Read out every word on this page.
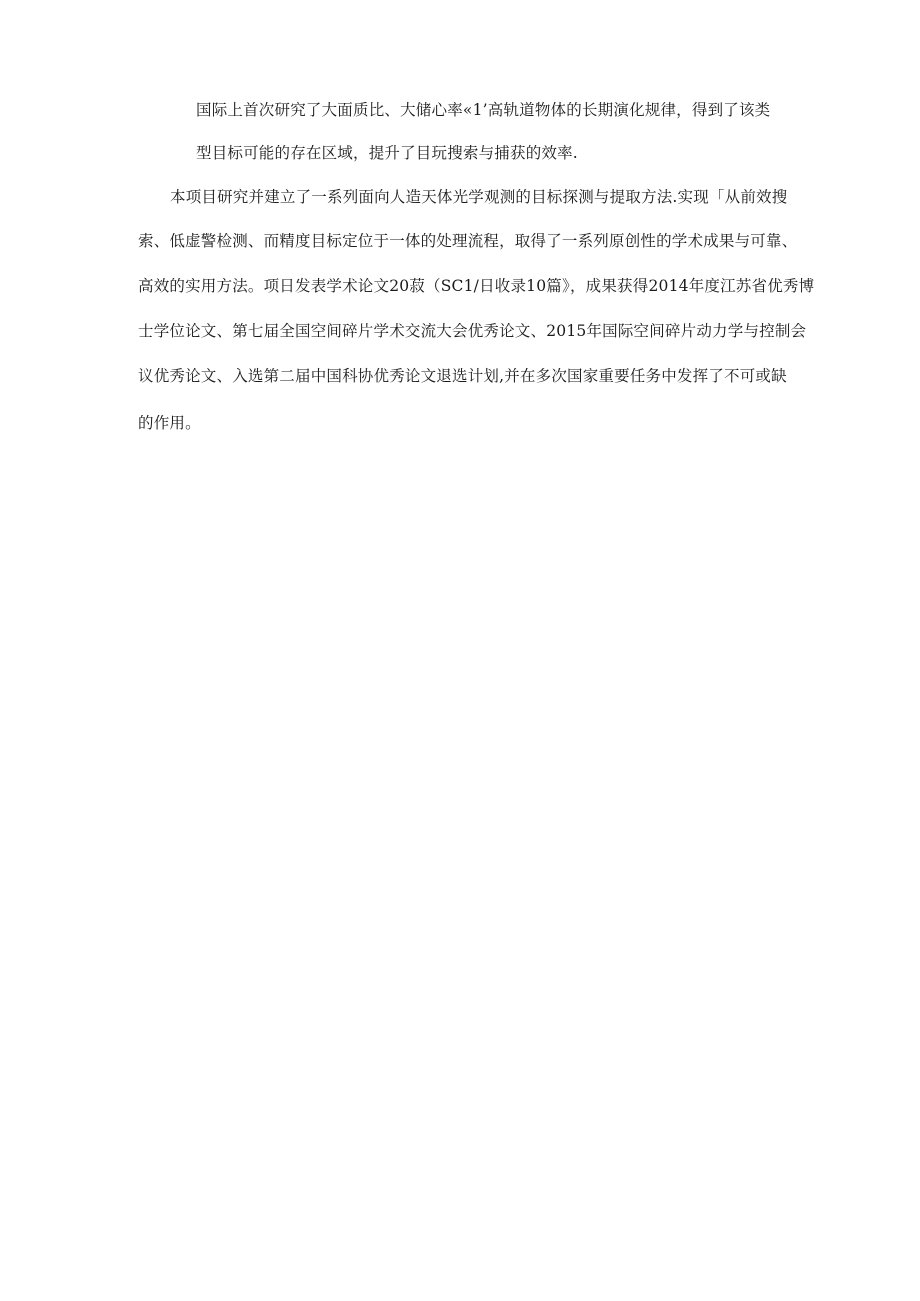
国际上首次研究了大面质比、大储心率«1’高轨道物体的长期演化规律，得到了该类
型目标可能的存在区域，提升了目玩搜索与捕获的效率.
本项目研究并建立了一系列面向人造天体光学观测的目标探测与提取方法.实现「从前效搜
索、低虚警检测、而精度目标定位于一体的处理流程，取得了一系列原创性的学术成果与可靠、
高效的实用方法。项日发表学术论文20菽（SC1/日收录10篇》，成果获得2014年度江苏省优秀博
士学位论文、第七届全国空间碎片学术交流大会优秀论文、2015年国际空间碎片动力学与控制会
议优秀论文、入选第二届中国科协优秀论文退选计划,并在多次国家重要任务中发挥了不可或缺
的作用。
